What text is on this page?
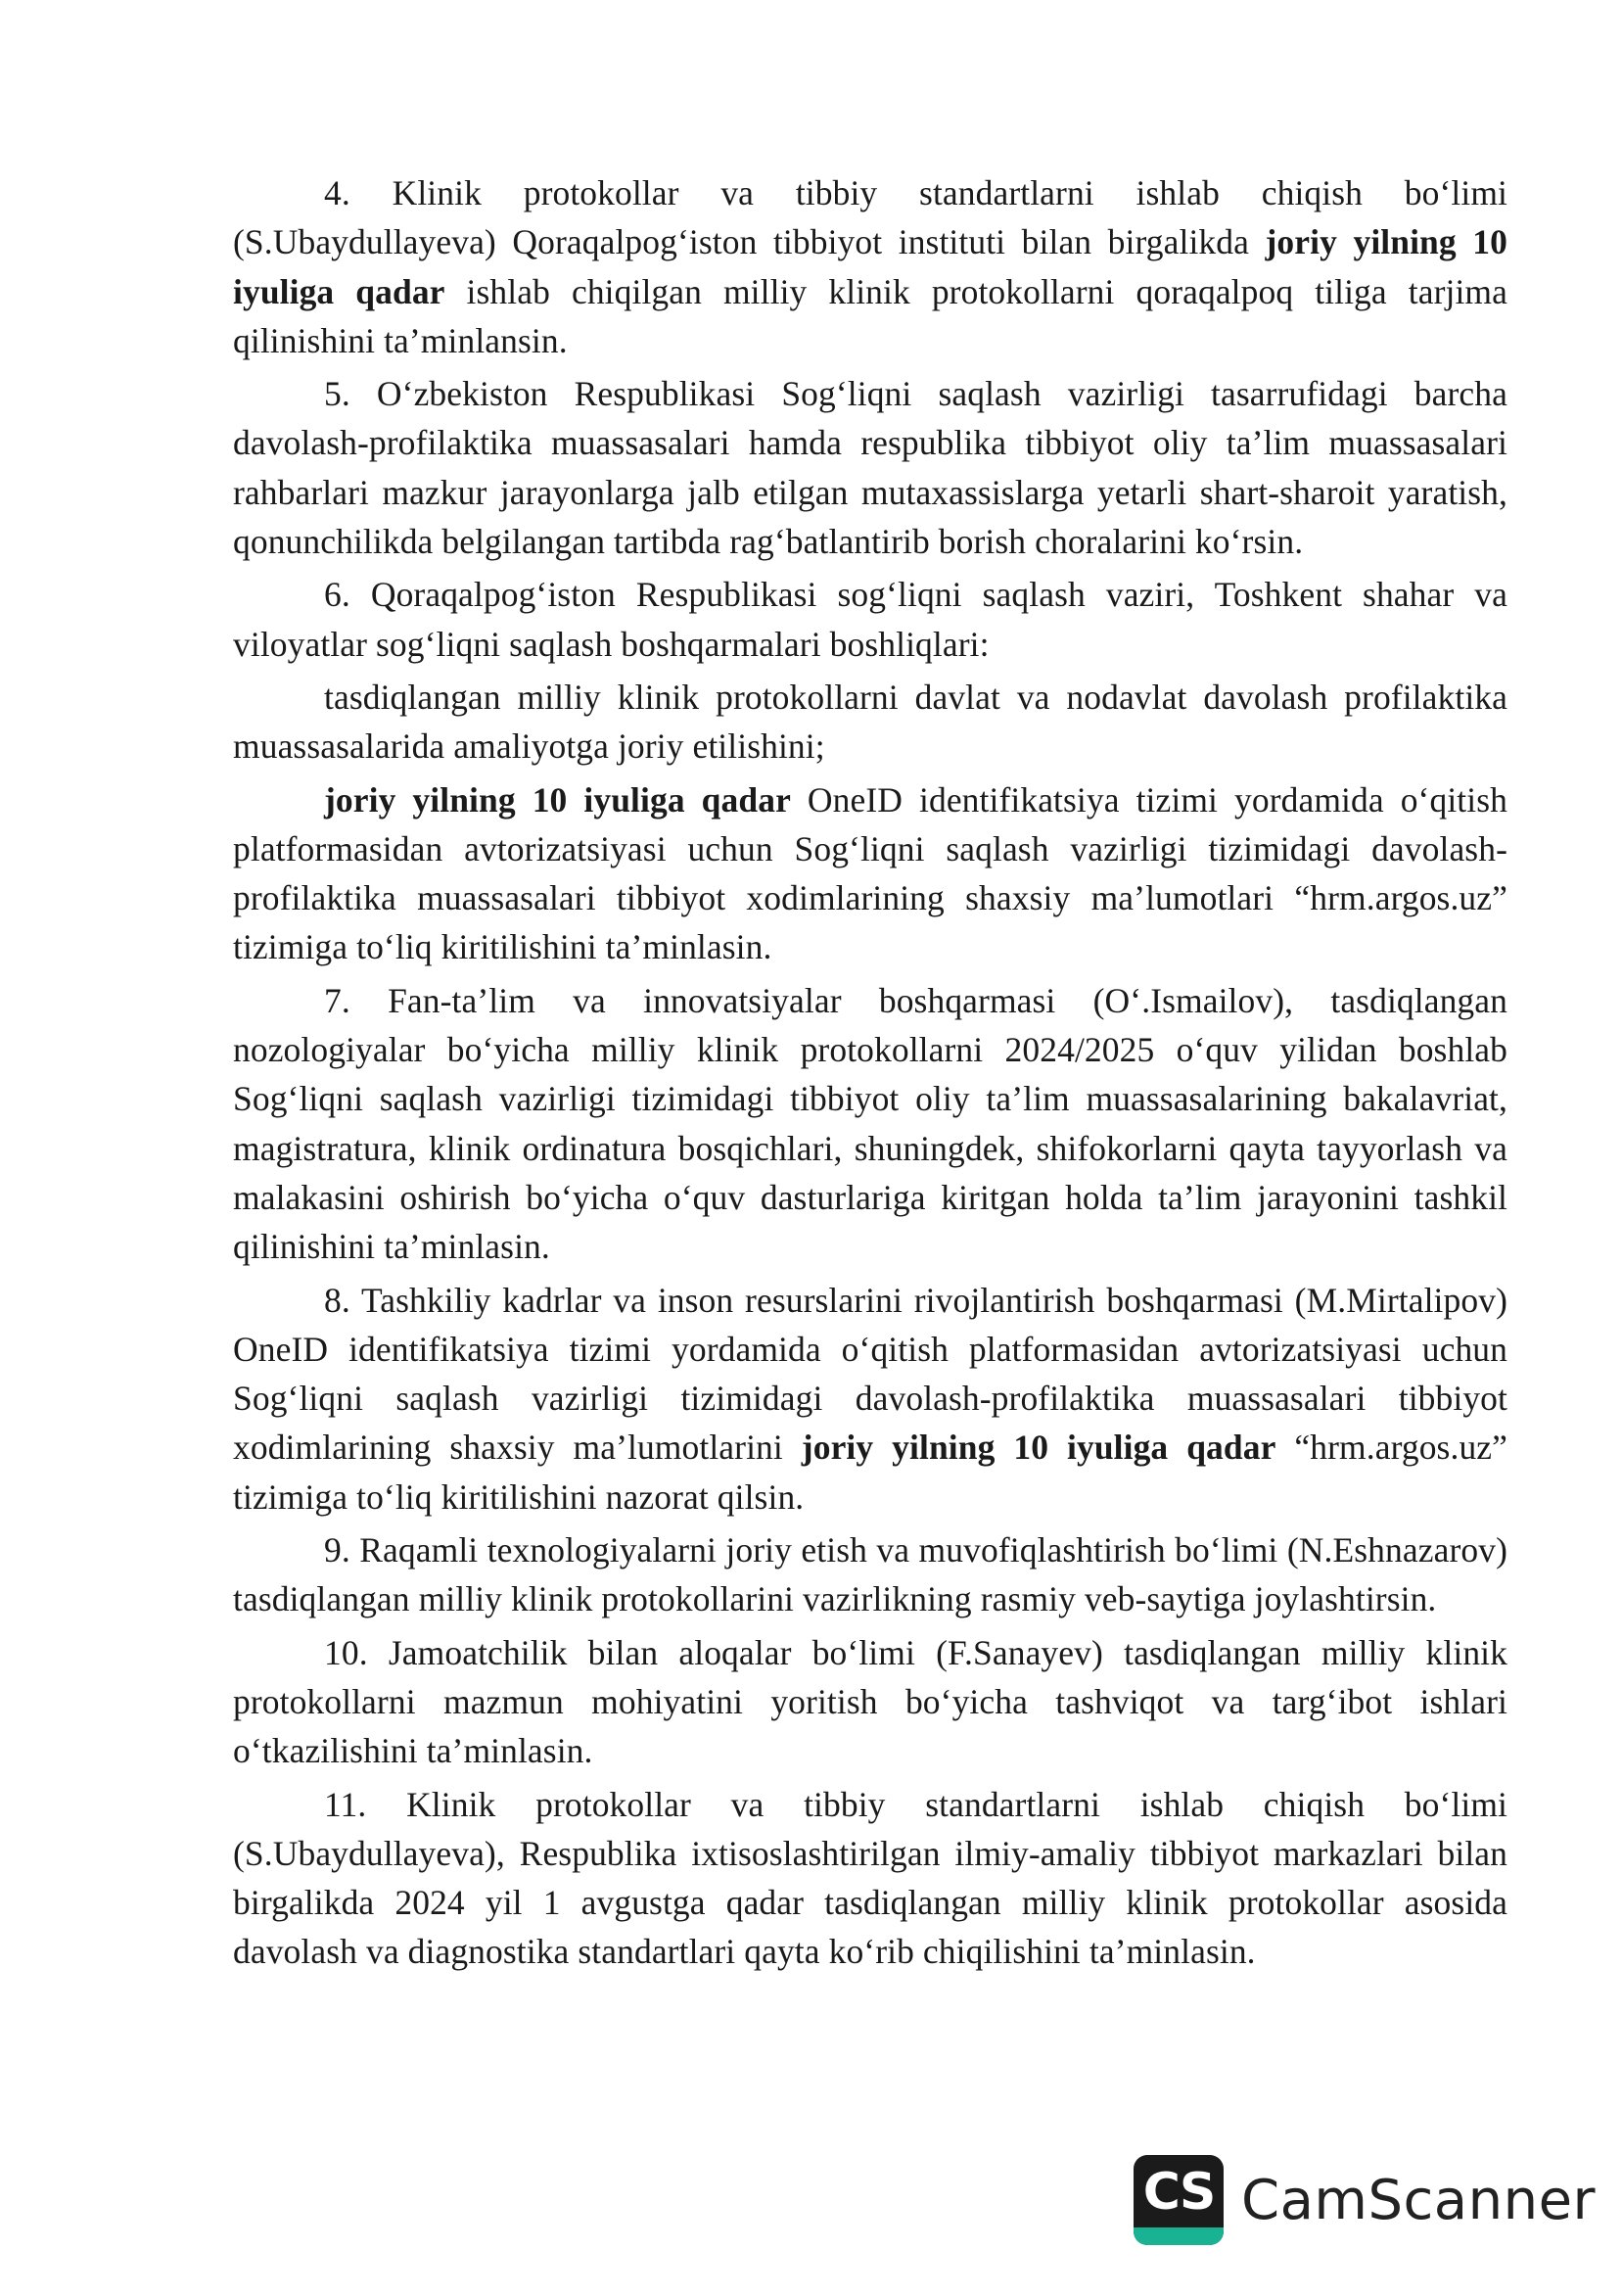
4. Klinik protokollar va tibbiy standartlarni ishlab chiqish bo‘limi (S.Ubaydullayeva) Qoraqalpog‘iston tibbiyot instituti bilan birgalikda joriy yilning 10 iyuliga qadar ishlab chiqilgan milliy klinik protokollarni qoraqalpoq tiliga tarjima qilinishini ta’minlansin.

5. O‘zbekiston Respublikasi Sog‘liqni saqlash vazirligi tasarrufidagi barcha davolash-profilaktika muassasalari hamda respublika tibbiyot oliy ta’lim muassasalari rahbarlari mazkur jarayonlarga jalb etilgan mutaxassislarga yetarli shart-sharoit yaratish, qonunchilikda belgilangan tartibda rag‘batlantirib borish choralarini ko‘rsin.

6. Qoraqalpog‘iston Respublikasi sog‘liqni saqlash vaziri, Toshkent shahar va viloyatlar sog‘liqni saqlash boshqarmalari boshliqlari:

tasdiqlangan milliy klinik protokollarni davlat va nodavlat davolash profilaktika muassasalarida amaliyotga joriy etilishini;

joriy yilning 10 iyuliga qadar OneID identifikatsiya tizimi yordamida o‘qitish platformasidan avtorizatsiyasi uchun Sog‘liqni saqlash vazirligi tizimidagi davolash-profilaktika muassasalari tibbiyot xodimlarining shaxsiy ma’lumotlari “hrm.argos.uz” tizimiga to‘liq kiritilishini ta’minlasin.

7. Fan-ta’lim va innovatsiyalar boshqarmasi (O‘.Ismailov), tasdiqlangan nozologiyalar bo‘yicha milliy klinik protokollarni 2024/2025 o‘quv yilidan boshlab Sog‘liqni saqlash vazirligi tizimidagi tibbiyot oliy ta’lim muassasalarining bakalavriat, magistratura, klinik ordinatura bosqichlari, shuningdek, shifokorlarni qayta tayyorlash va malakasini oshirish bo‘yicha o‘quv dasturlariga kiritgan holda ta’lim jarayonini tashkil qilinishini ta’minlasin.

8. Tashkiliy kadrlar va inson resurslarini rivojlantirish boshqarmasi (M.Mirtalipov) OneID identifikatsiya tizimi yordamida o‘qitish platformasidan avtorizatsiyasi uchun Sog‘liqni saqlash vazirligi tizimidagi davolash-profilaktika muassasalari tibbiyot xodimlarining shaxsiy ma’lumotlarini joriy yilning 10 iyuliga qadar “hrm.argos.uz” tizimiga to‘liq kiritilishini nazorat qilsin.

9. Raqamli texnologiyalarni joriy etish va muvofiqlashtirish bo‘limi (N.Eshnazarov) tasdiqlangan milliy klinik protokollarini vazirlikning rasmiy veb-saytiga joylashtirsin.

10. Jamoatchilik bilan aloqalar bo‘limi (F.Sanayev) tasdiqlangan milliy klinik protokollarni mazmun mohiyatini yoritish bo‘yicha tashviqot va targ‘ibot ishlari o‘tkazilishini ta’minlasin.

11. Klinik protokollar va tibbiy standartlarni ishlab chiqish bo‘limi (S.Ubaydullayeva), Respublika ixtisoslashtirilgan ilmiy-amaliy tibbiyot markazlari bilan birgalikda 2024 yil 1 avgustga qadar tasdiqlangan milliy klinik protokollar asosida davolash va diagnostika standartlari qayta ko‘rib chiqilishini ta’minlasin.

CS CamScanner
